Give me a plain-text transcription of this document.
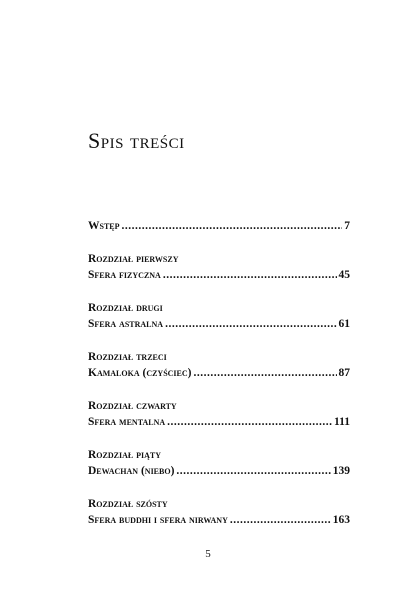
Spis treści
Wstęp .....	7
Rozdział pierwszy
Sfera fizyczna .....	45
Rozdział drugi
Sfera astralna .....	61
Rozdział trzeci
Kamaloka (czyściec) .....	87
Rozdział czwarty
Sfera mentalna .....	111
Rozdział piąty
Dewachan (niebo) .....	139
Rozdział szósty
Sfera buddhi i sfera nirwany .....	163
5
